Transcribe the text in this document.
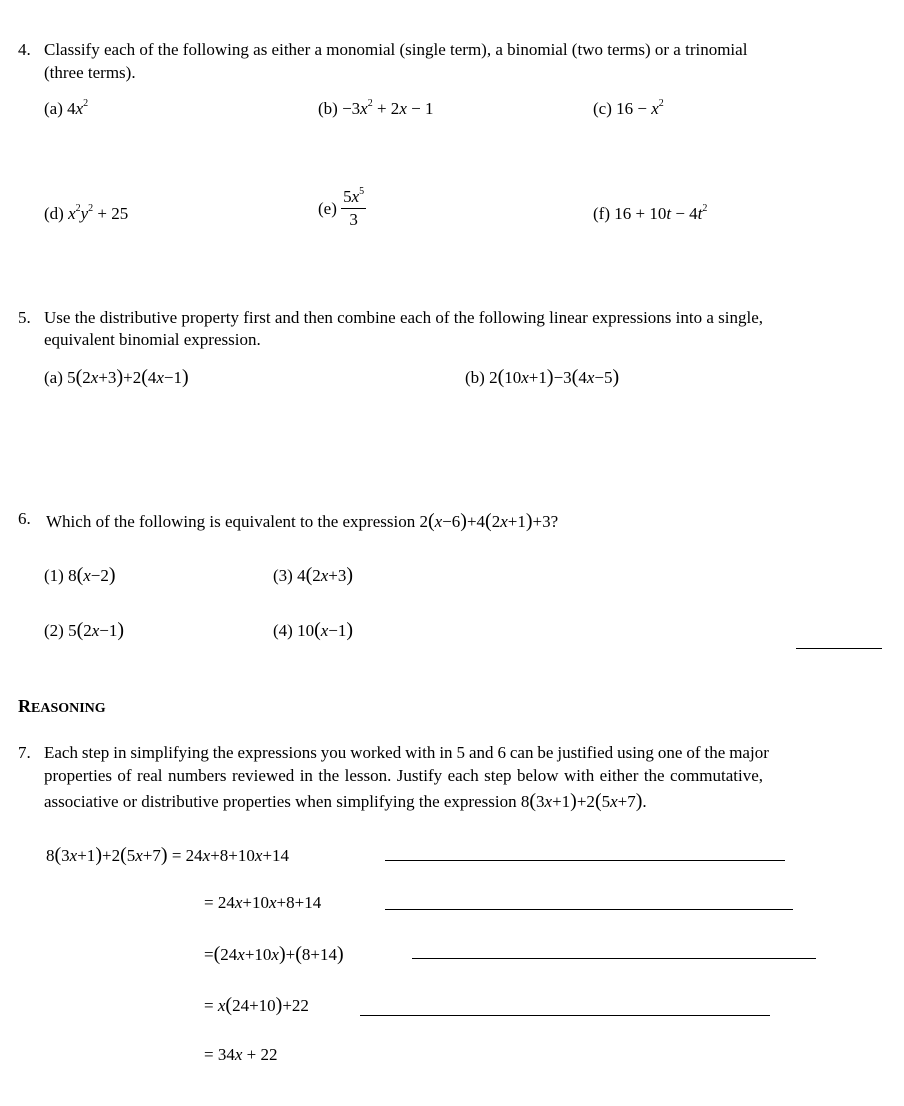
4. Classify each of the following as either a monomial (single term), a binomial (two terms) or a trinomial
(three terms).
(a) $4x^2$	$(b) -3x^2 + 2x - 1$	(c) $16 - x^2$
(d) $x^2y^2 + 25$	$(e) \frac{5x^5}{3}$	(f) $16 + 10t - 4t^2$
5. Use the distributive property first and then combine each of the following linear expressions into a single,
equivalent binomial expression.
(a) 5(2x+3)+2(4x−1)	(b) 2(10x+1)−3(4x−5)
6. Which of the following is equivalent to the expression 2(x−6)+4(2x+1)+3?
(1) 8(x−2)	(3) 4(2x+3)
(2) 5(2x−1)	(4) 10(x−1)
REASONING
7. Each step in simplifying the expressions you worked with in 5 and 6 can be justified using one of the major
properties of real numbers reviewed in the lesson. Justify each step below with either the commutative,
associative or distributive properties when simplifying the expression 8(3x+1)+2(5x+7).
8(3x+1)+2(5x+7) = 24x+8+10x+14
= 24x+10x+8+14
=(24x+10x)+(8+14)
= x(24+10)+22
= 34x + 22
